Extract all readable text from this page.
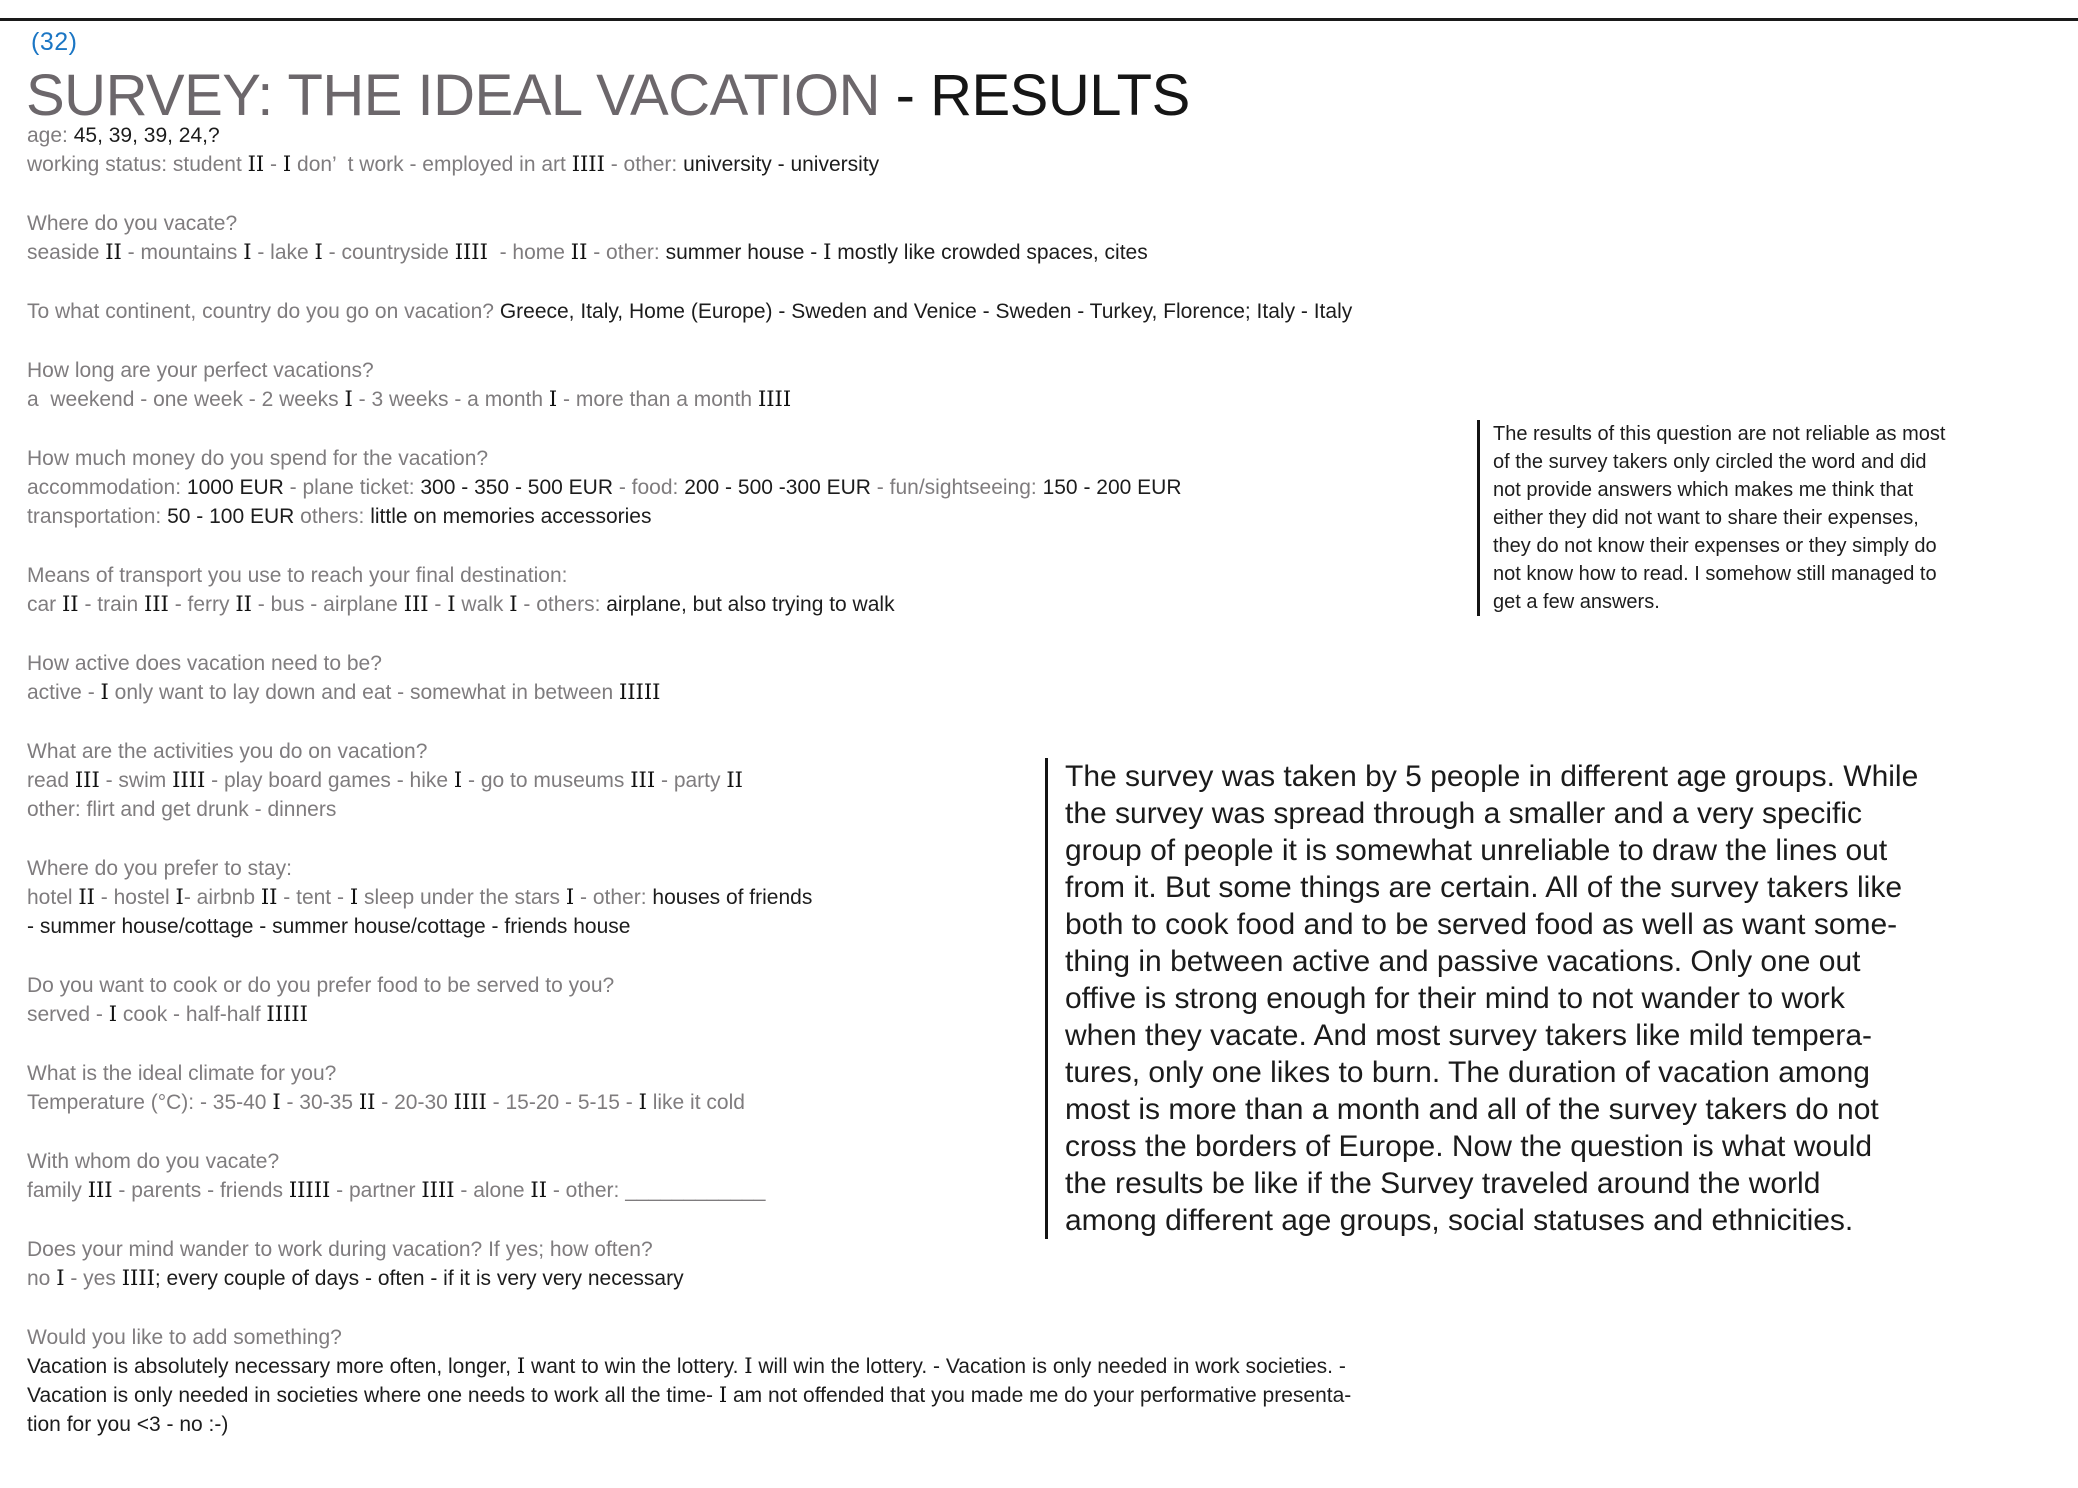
(32)
SURVEY: THE IDEAL VACATION - RESULTS
age: 45, 39, 39, 24,?
working status: student II - I don’  t work - employed in art IIII - other: university - university
Where do you vacate?
seaside II - mountains I - lake I - countryside IIII  - home II - other: summer house - I mostly like crowded spaces, cites
To what continent, country do you go on vacation? Greece, Italy, Home (Europe) - Sweden and Venice - Sweden - Turkey, Florence; Italy - Italy
How long are your perfect vacations?
a  weekend - one week - 2 weeks I - 3 weeks - a month I - more than a month IIII
How much money do you spend for the vacation?
accommodation: 1000 EUR - plane ticket: 300 - 350 - 500 EUR - food: 200 - 500 -300 EUR - fun/sightseeing: 150 - 200 EUR
transportation: 50 - 100 EUR others: little on memories accessories
Means of transport you use to reach your final destination:
car II - train III - ferry II - bus - airplane III - I walk I - others: airplane, but also trying to walk
How active does vacation need to be?
active - I only want to lay down and eat - somewhat in between IIIII
What are the activities you do on vacation?
read III - swim IIII - play board games - hike I - go to museums III - party II
other: flirt and get drunk - dinners
Where do you prefer to stay:
hotel II - hostel I- airbnb II - tent - I sleep under the stars I - other: houses of friends
- summer house/cottage - summer house/cottage - friends house
Do you want to cook or do you prefer food to be served to you?
served - I cook - half-half IIIII
What is the ideal climate for you?
Temperature (°C): - 35-40 I - 30-35 II - 20-30 IIII - 15-20 - 5-15 - I like it cold
With whom do you vacate?
family III - parents - friends IIIII - partner IIII - alone II - other: ____________
Does your mind wander to work during vacation? If yes; how often?
no I - yes IIII; every couple of days - often - if it is very very necessary
Would you like to add something?
Vacation is absolutely necessary more often, longer, I want to win the lottery. I will win the lottery. - Vacation is only needed in work societies. -
Vacation is only needed in societies where one needs to work all the time- I am not offended that you made me do your performative presenta-
tion for you <3 - no :-)
The results of this question are not reliable as most
of the survey takers only circled the word and did
not provide answers which makes me think that
either they did not want to share their expenses,
they do not know their expenses or they simply do
not know how to read. I somehow still managed to
get a few answers.
The survey was taken by 5 people in different age groups. While
the survey was spread through a smaller and a very specific
group of people it is somewhat unreliable to draw the lines out
from it. But some things are certain. All of the survey takers like
both to cook food and to be served food as well as want some-
thing in between active and passive vacations. Only one out
offive is strong enough for their mind to not wander to work
when they vacate. And most survey takers like mild tempera-
tures, only one likes to burn. The duration of vacation among
most is more than a month and all of the survey takers do not
cross the borders of Europe. Now the question is what would
the results be like if the Survey traveled around the world
among different age groups, social statuses and ethnicities.
